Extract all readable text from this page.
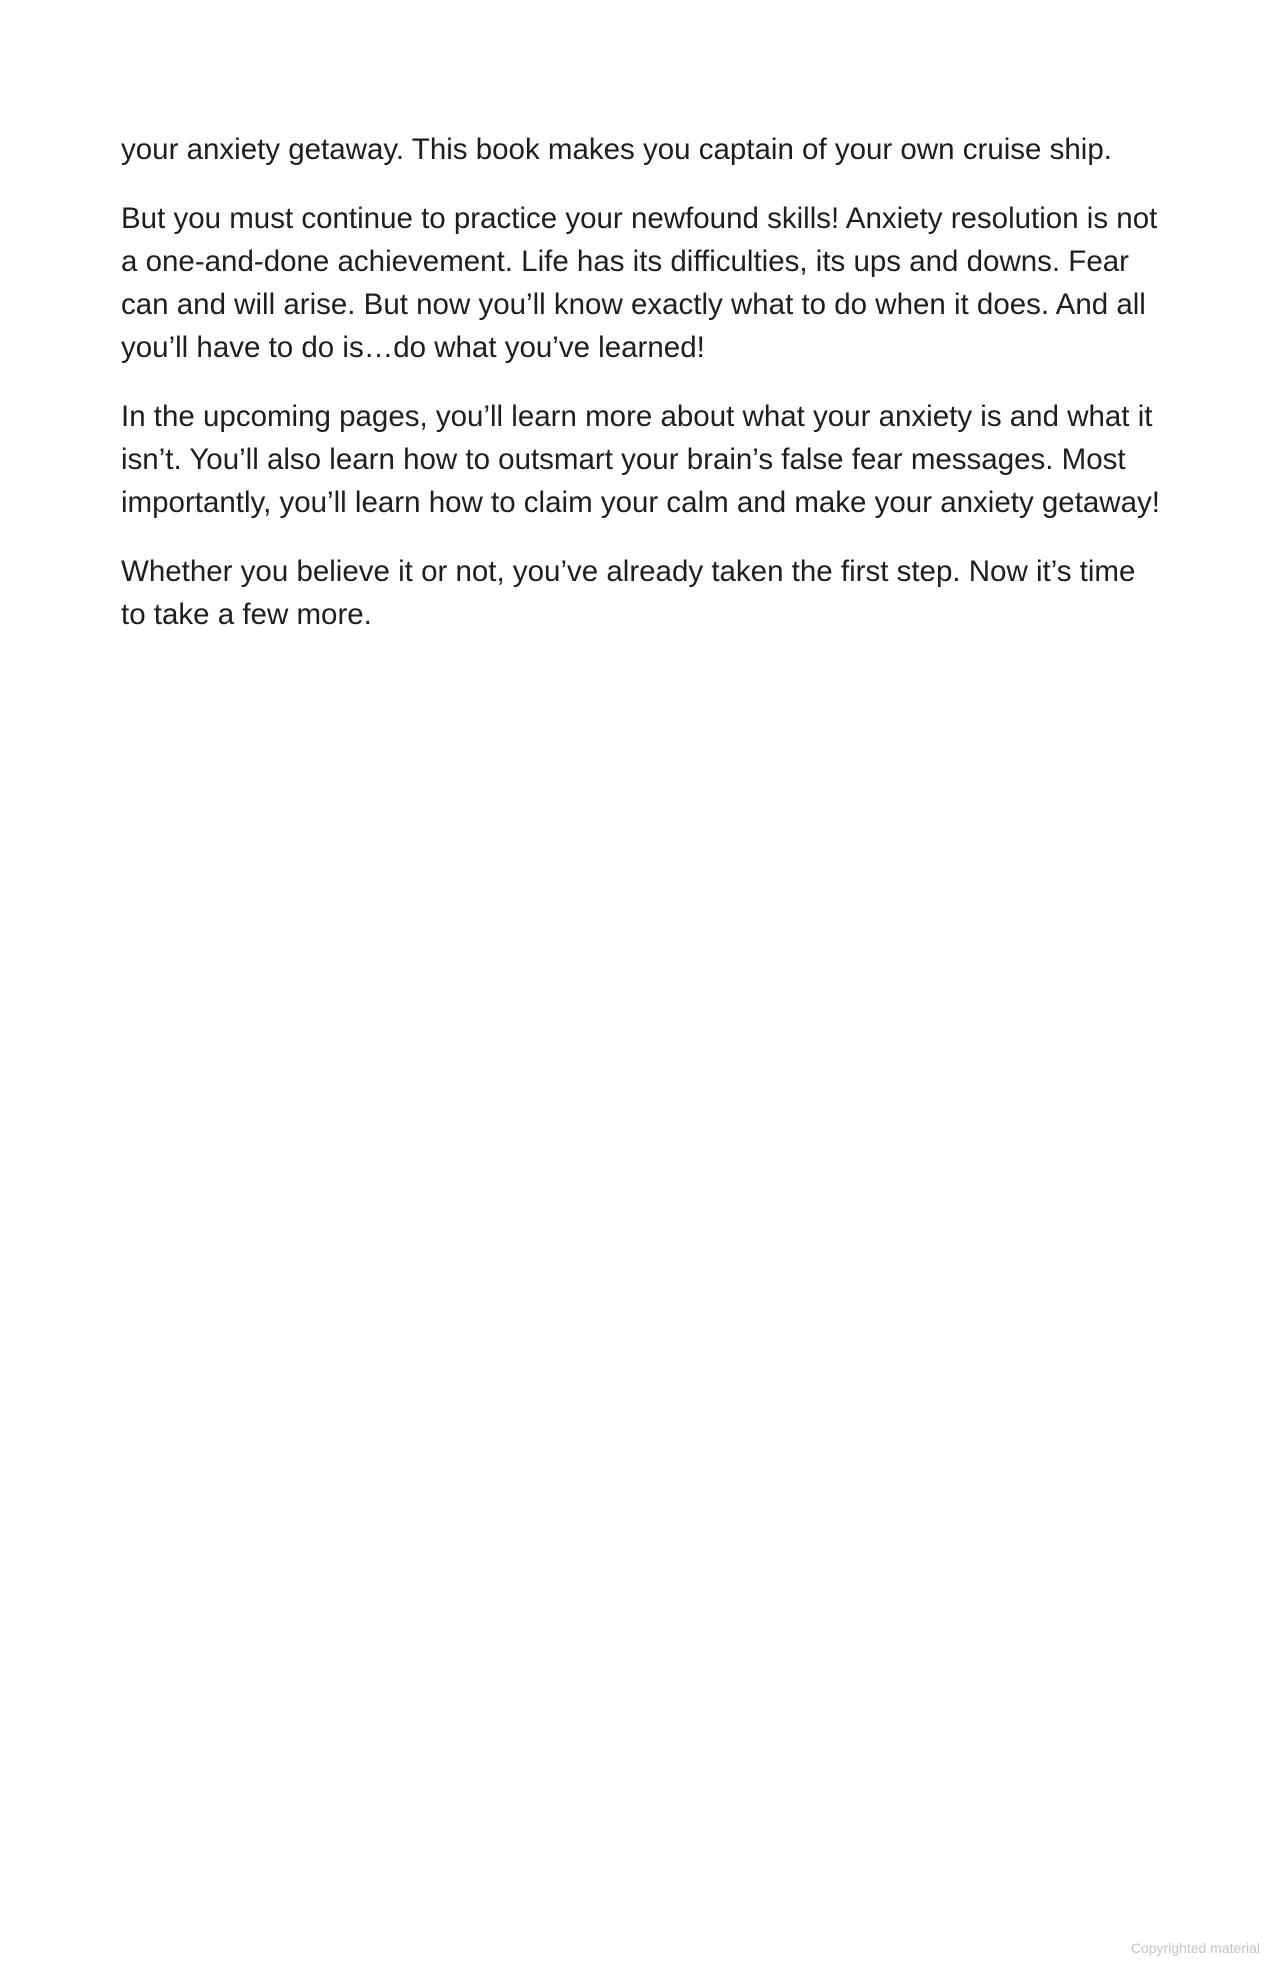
your anxiety getaway. This book makes you captain of your own cruise ship.

But you must continue to practice your newfound skills! Anxiety resolution is not a one-and-done achievement. Life has its difficulties, its ups and downs. Fear can and will arise. But now you’ll know exactly what to do when it does. And all you’ll have to do is…do what you’ve learned!

In the upcoming pages, you’ll learn more about what your anxiety is and what it isn’t. You’ll also learn how to outsmart your brain’s false fear messages. Most importantly, you’ll learn how to claim your calm and make your anxiety getaway!

Whether you believe it or not, you’ve already taken the first step. Now it’s time to take a few more.

Copyrighted material
